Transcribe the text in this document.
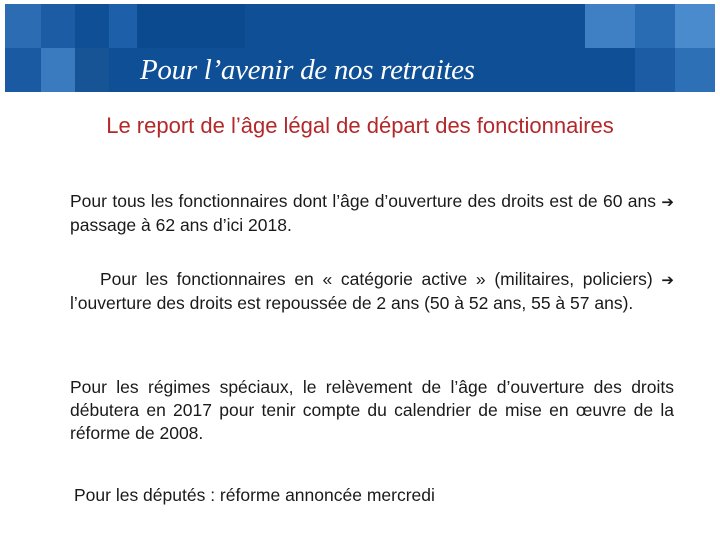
Pour l’avenir de nos retraites
Le report de l’âge légal de départ des fonctionnaires

Pour tous les fonctionnaires dont l’âge d’ouverture des droits est de 60 ans ➔ passage à 62 ans d’ici 2018.

Pour les fonctionnaires en « catégorie active » (militaires, policiers) ➔ l’ouverture des droits est repoussée de 2 ans (50 à 52 ans, 55 à 57 ans).

Pour les régimes spéciaux, le relèvement de l’âge d’ouverture des droits débutera en 2017 pour tenir compte du calendrier de mise en œuvre de la réforme de 2008.

Pour les députés : réforme annoncée mercredi
